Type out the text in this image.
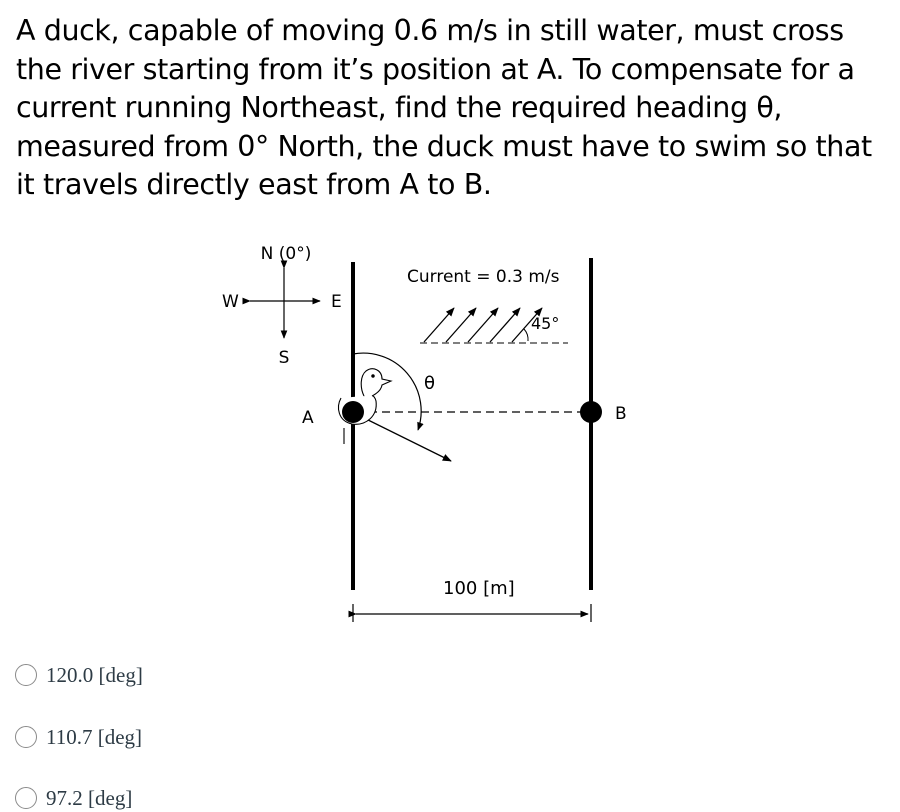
A duck, capable of moving 0.6 m/s in still water, must cross the river starting from it’s position at A. To compensate for a current running Northeast, find the required heading θ, measured from 0° North, the duck must have to swim so that it travels directly east from A to B.

N (0°)
S
E
W
Current = 0.3 m/s
45°
θ
A	B
100 [m]
120.0 [deg]
110.7 [deg]
97.2 [deg]
